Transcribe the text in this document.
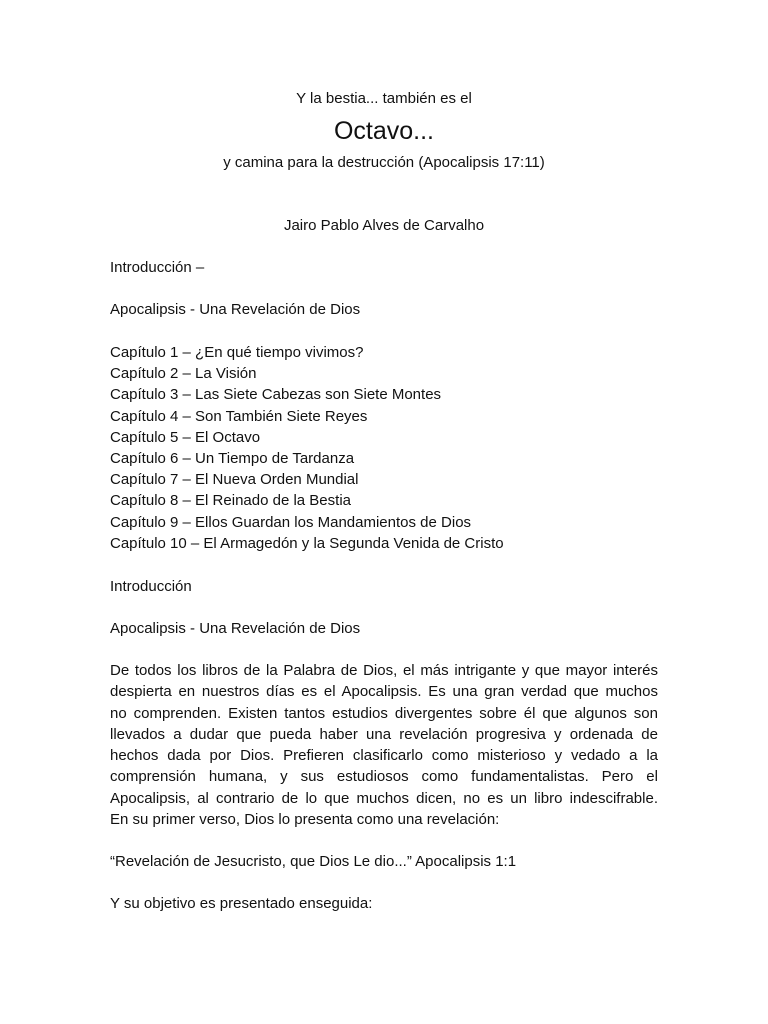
Y la bestia... también es el
Octavo...
y camina para la destrucción (Apocalipsis 17:11)
Jairo Pablo Alves de Carvalho
Introducción –
Apocalipsis - Una Revelación de Dios
Capítulo 1 – ¿En qué tiempo vivimos?
Capítulo 2 – La Visión
Capítulo 3 – Las Siete Cabezas son Siete Montes
Capítulo 4 – Son También Siete Reyes
Capítulo 5 – El Octavo
Capítulo 6 – Un Tiempo de Tardanza
Capítulo 7 – El Nueva Orden Mundial
Capítulo 8 – El Reinado de la Bestia
Capítulo 9 – Ellos Guardan los Mandamientos de Dios
Capítulo 10 – El Armagedón y la Segunda Venida de Cristo
Introducción
Apocalipsis - Una Revelación de Dios

De todos los libros de la Palabra de Dios, el más intrigante y que mayor interés
despierta en nuestros días es el Apocalipsis. Es una gran verdad que muchos
no comprenden. Existen tantos estudios divergentes sobre él que algunos son
llevados a dudar que pueda haber una revelación progresiva y ordenada de
hechos dada por Dios. Prefieren clasificarlo como misterioso y vedado a la
comprensión humana, y sus estudiosos como fundamentalistas. Pero el
Apocalipsis, al contrario de lo que muchos dicen, no es un libro indescifrable.
En su primer verso, Dios lo presenta como una revelación:

“Revelación de Jesucristo, que Dios Le dio...” Apocalipsis 1:1
Y su objetivo es presentado enseguida:
